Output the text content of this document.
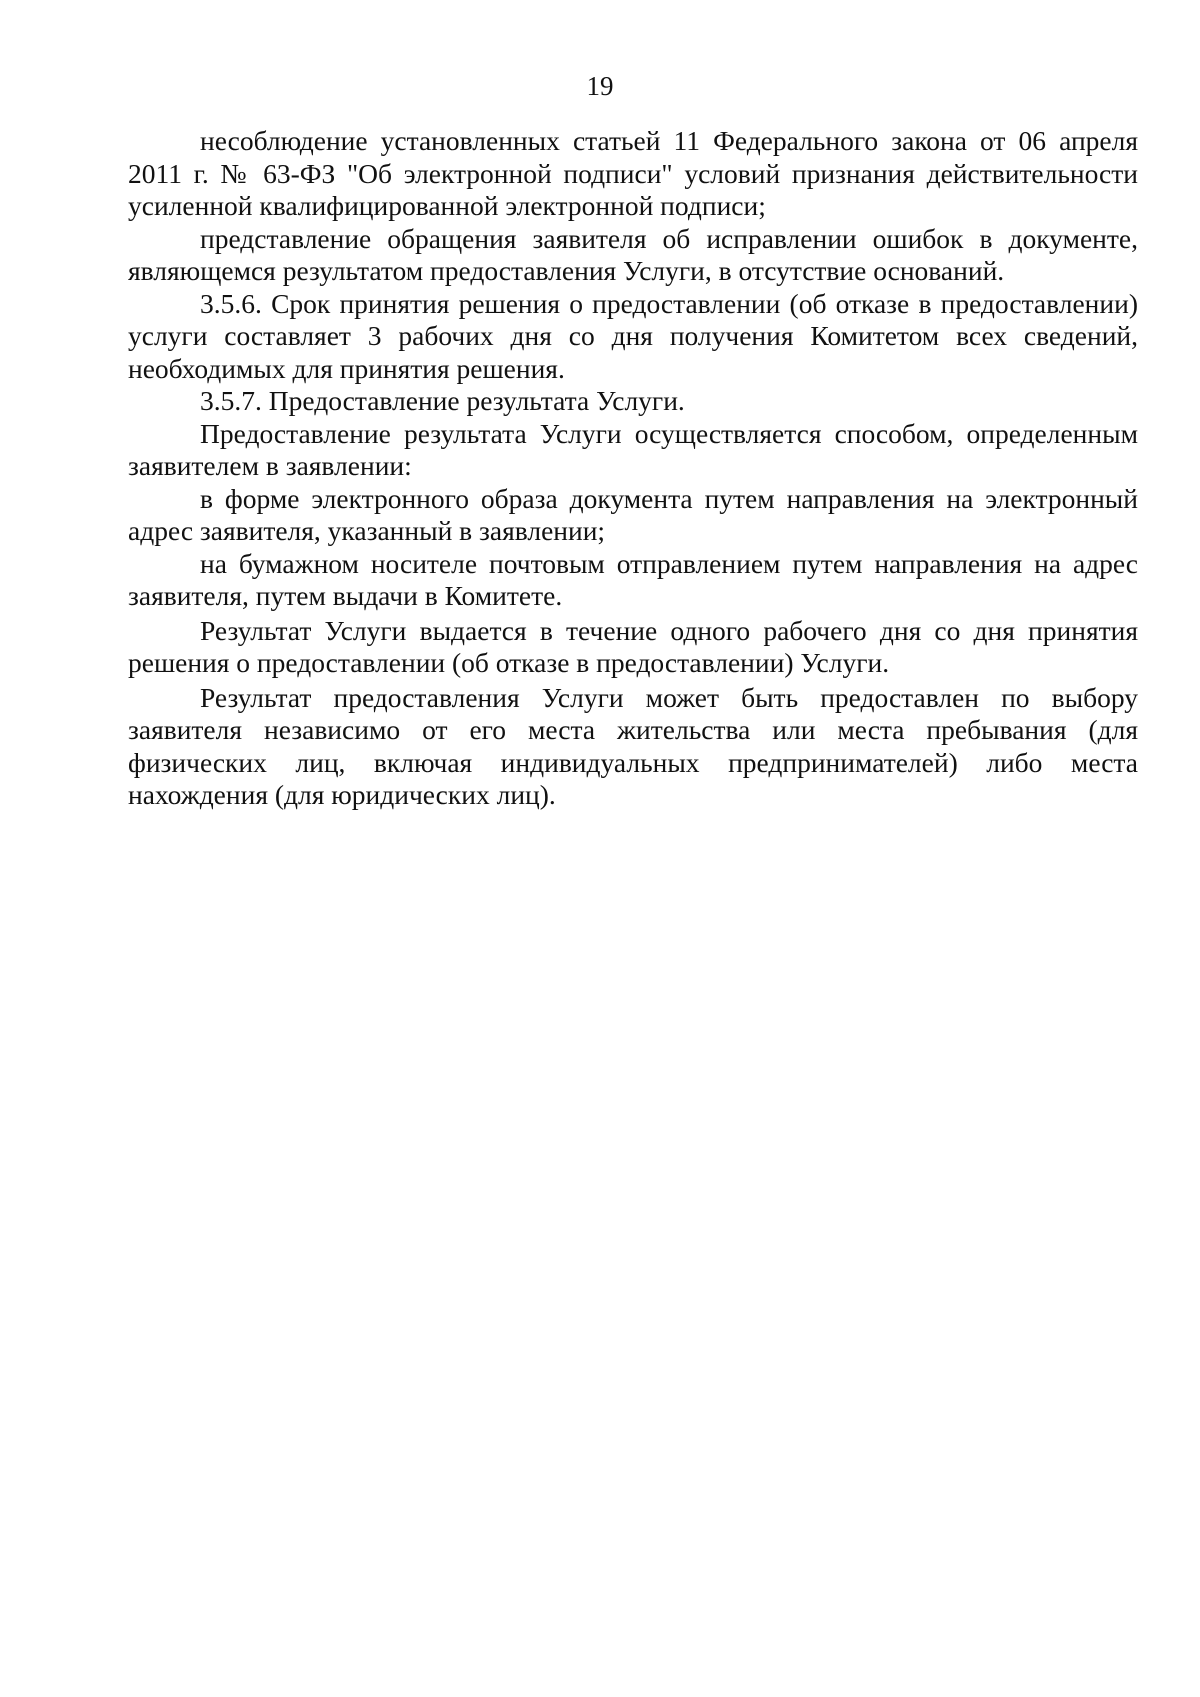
19

несоблюдение установленных статьей 11 Федерального закона от 06 апреля 2011 г. № 63-ФЗ "Об электронной подписи" условий признания действительности усиленной квалифицированной электронной подписи;

представление обращения заявителя об исправлении ошибок в документе, являющемся результатом предоставления Услуги, в отсутствие оснований.

3.5.6. Срок принятия решения о предоставлении (об отказе в предоставлении) услуги составляет 3 рабочих дня со дня получения Комитетом всех сведений, необходимых для принятия решения.

3.5.7. Предоставление результата Услуги.

Предоставление результата Услуги осуществляется способом, определенным заявителем в заявлении:

в форме электронного образа документа путем направления на электронный адрес заявителя, указанный в заявлении;

на бумажном носителе почтовым отправлением путем направления на адрес заявителя, путем выдачи в Комитете.

Результат Услуги выдается в течение одного рабочего дня со дня принятия решения о предоставлении (об отказе в предоставлении) Услуги.

Результат предоставления Услуги может быть предоставлен по выбору заявителя независимо от его места жительства или места пребывания (для физических лиц, включая индивидуальных предпринимателей) либо места нахождения (для юридических лиц).
